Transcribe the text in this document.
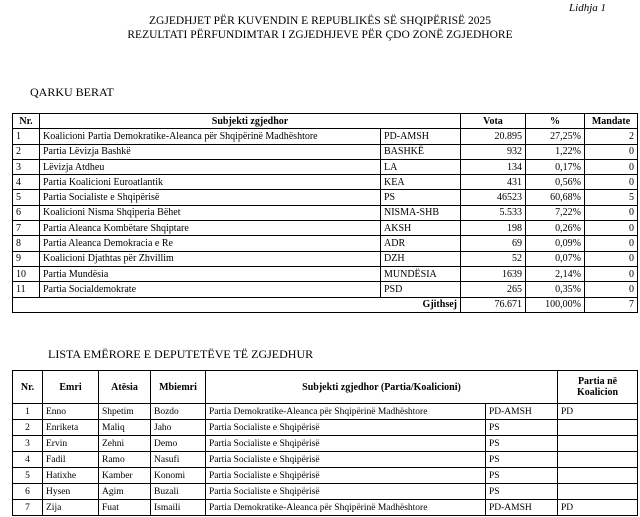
Lidhja 1
ZGJEDHJET PËR KUVENDIN E REPUBLIKËS SË SHQIPËRISË 2025
REZULTATI PËRFUNDIMTAR I ZGJEDHJEVE PËR ÇDO ZONË ZGJEDHORE
QARKU BERAT
Nr.	Subjekti zgjedhor		Vota	%	Mandate
1	Koalicioni Partia Demokratike-Aleanca për Shqipërinë Madhështore	PD-AMSH	20.895	27,25%	2
2	Partia Lëvizja Bashkë	BASHKË	932	1,22%	0
3	Lëvizja Atdheu	LA	134	0,17%	0
4	Partia Koalicioni Euroatlantik	KEA	431	0,56%	0
5	Partia Socialiste e Shqipërisë	PS	46523	60,68%	5
6	Koalicioni Nisma Shqiperia Bëhet	NISMA-SHB	5.533	7,22%	0
7	Partia Aleanca Kombëtare Shqiptare	AKSH	198	0,26%	0
8	Partia Aleanca Demokracia e Re	ADR	69	0,09%	0
9	Koalicioni Djathtas për Zhvillim	DZH	52	0,07%	0
10	Partia Mundësia	MUNDËSIA	1639	2,14%	0
11	Partia Socialdemokrate	PSD	265	0,35%	0
Gjithsej			76.671	100,00%	7
LISTA EMËRORE E DEPUTETËVE TË ZGJEDHUR
Nr.	Emri	Atësia	Mbiemri	Subjekti zgjedhor (Partia/Koalicioni)		Partia në Koalicion
1	Enno	Shpetim	Bozdo	Partia Demokratike-Aleanca për Shqipërinë Madhështore	PD-AMSH	PD
2	Enriketa	Maliq	Jaho	Partia Socialiste e Shqipërisë	PS	
3	Ervin	Zehni	Demo	Partia Socialiste e Shqipërisë	PS	
4	Fadil	Ramo	Nasufi	Partia Socialiste e Shqipërisë	PS	
5	Hatixhe	Kamber	Konomi	Partia Socialiste e Shqipërisë	PS	
6	Hysen	Agim	Buzali	Partia Socialiste e Shqipërisë	PS	
7	Zija	Fuat	Ismaili	Partia Demokratike-Aleanca për Shqipërinë Madhështore	PD-AMSH	PD
